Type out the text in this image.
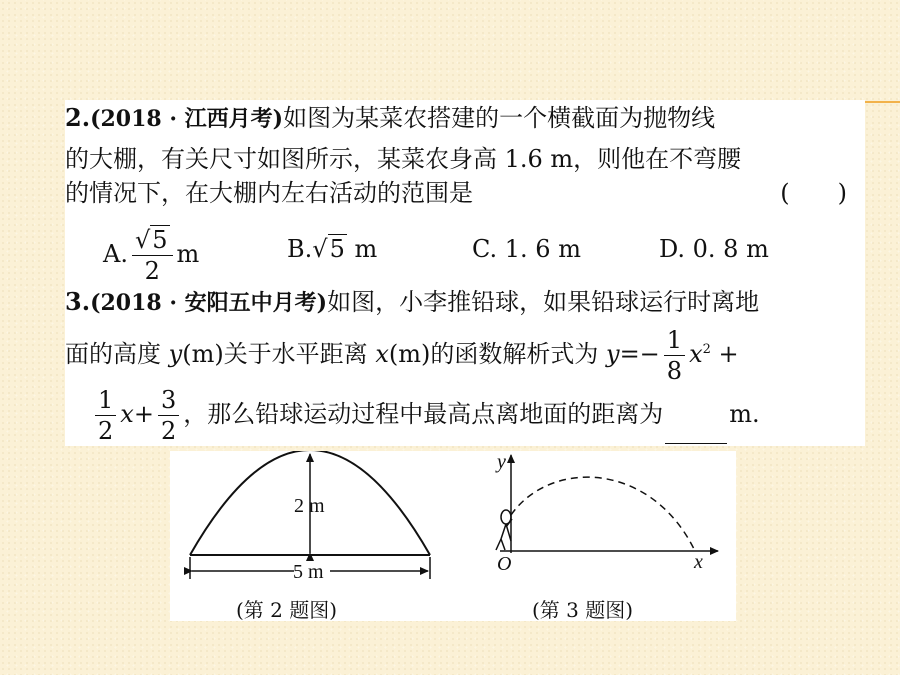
2.(2018 · 江西月考)如图为某菜农搭建的一个横截面为抛物线
的大棚，有关尺寸如图所示，某菜农身高 1.6 m，则他在不弯腰
的情况下，在大棚内左右活动的范围是	(　　)
A. $\frac{√5}{2}$ m	B.√5 m	C. 1. 6 m	D. 0. 8 m
3.(2018 · 安阳五中月考)如图，小李推铅球，如果铅球运行时离地
面的高度 y(m)关于水平距离 x(m)的函数解析式为 $y=- \frac{1}{8} x^2$ +
$\frac{1}{2} x+ \frac{3}{2}$ ，那么铅球运动过程中最高点离地面的距离为	m.
2 m
5 m
(第 2 题图)
y
x
O
(第 3 题图)
